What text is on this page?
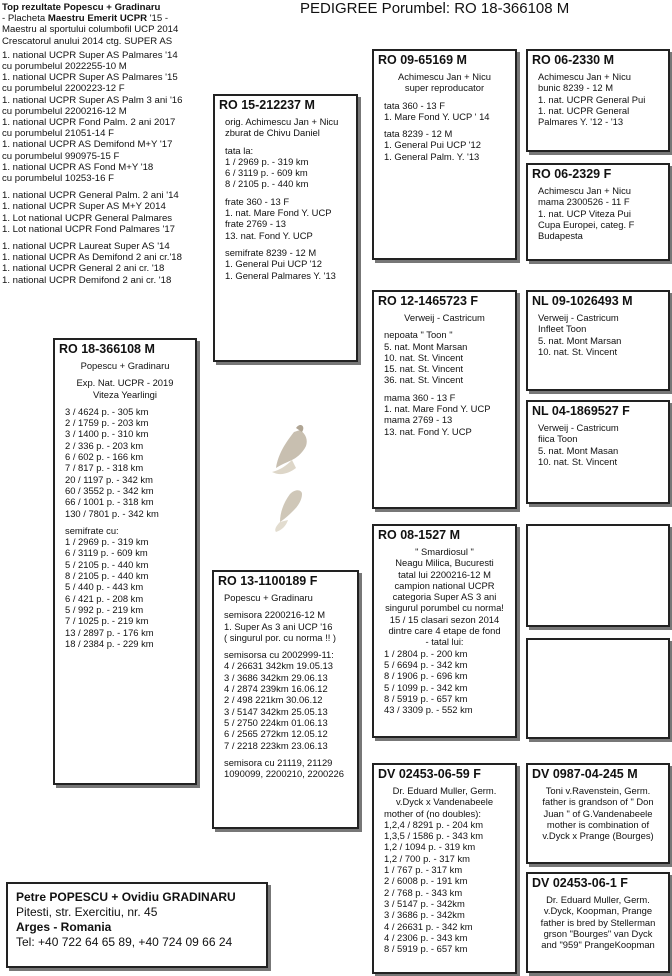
PEDIGREE Porumbel: RO 18-366108 M
Top rezultate Popescu + Gradinaru
- Placheta Maestru Emerit UCPR '15 -
Maestru al sportului columbofil UCP 2014
Crescatorul anului 2014 ctg. SUPER AS
1. national UCPR Super AS Palmares '14
cu porumbelul 2022255-10 M
1. national UCPR Super AS Palmares '15
cu porumbelul 2200223-12 F
1. national UCPR Super AS Palm 3 ani '16
cu porumbelul 2200216-12 M
1. national UCPR Fond Palm. 2 ani 2017
cu porumbelul 21051-14 F
1. national UCPR AS Demifond M+Y '17
cu porumbelul 990975-15 F
1. national UCPR AS Fond M+Y '18
cu porumbelul 10253-16 F
1. national UCPR General Palm. 2 ani '14
1. national UCPR Super AS M+Y 2014
1. Lot national UCPR General Palmares
1. Lot national UCPR Fond Palmares '17
1. national UCPR Laureat Super AS '14
1. national UCPR As Demifond 2 ani cr.'18
1. national UCPR General 2 ani cr. '18
1. national UCPR Demifond 2 ani cr. '18
RO 18-366108 M
Popescu + Gradinaru
Exp. Nat. UCPR - 2019
Viteza Yearlingi
3 / 4624 p. - 305 km
2 / 1759 p. - 203 km
3 / 1400 p. - 310 km
2 / 336 p. - 203 km
6 / 602 p. - 166 km
7 / 817 p. - 318 km
20 / 1197 p. - 342 km
60 / 3552 p. - 342 km
66 / 1001 p. - 318 km
130 / 7801 p. - 342 km
semifrate cu:
1 / 2969 p. - 319 km
6 / 3119 p. - 609 km
5 / 2105 p. - 440 km
8 / 2105 p. - 440 km
5 / 440 p. - 443 km
6 / 421 p. - 208 km
5 / 992 p. - 219 km
7 / 1025 p. - 219 km
13 / 2897 p. - 176 km
18 / 2384 p. - 229 km
RO 15-212237 M
orig. Achimescu Jan + Nicu
zburat de Chivu Daniel
tata la:
1 / 2969 p. - 319 km
6 / 3119 p. - 609 km
8 / 2105 p. - 440 km
frate 360 - 13 F
1. nat. Mare Fond Y. UCP
frate 2769 - 13
13. nat. Fond Y. UCP
semifrate 8239 - 12 M
1. General Pui UCP '12
1. General Palmares Y. '13
RO 13-1100189 F
Popescu + Gradinaru
semisora 2200216-12 M
1. Super As 3 ani UCP '16
( singurul por. cu norma !! )
semisorsa cu 2002999-11:
4 / 26631 342km 19.05.13
3 / 3686 342km 29.06.13
4 / 2874 239km 16.06.12
2 / 498 221km 30.06.12
3 / 5147 342km 25.05.13
5 / 2750 224km 01.06.13
6 / 2565 272km 12.05.12
7 / 2218 223km 23.06.13
semisora cu 21119, 21129
1090099, 2200210, 2200226
RO 09-65169 M
Achimescu Jan + Nicu
super reproducator
tata 360 - 13 F
1. Mare Fond Y. UCP ' 14
tata 8239 - 12 M
1. General Pui UCP '12
1. General Palm. Y. '13
RO 12-1465723 F
Verweij - Castricum
nepoata " Toon "
5. nat. Mont Marsan
10. nat. St. Vincent
15. nat. St. Vincent
36. nat. St. Vincent
mama 360 - 13 F
1. nat. Mare Fond Y. UCP
mama 2769 - 13
13. nat. Fond Y. UCP
RO 08-1527 M
" Smardiosul "
Neagu Milica, Bucuresti
tatal lui 2200216-12 M
campion national UCPR
categoria Super AS 3 ani
singurul porumbel cu norma!
15 / 15 clasari sezon 2014
dintre care 4 etape de fond
- tatal lui:
1 / 2804 p. - 200 km
5 / 6694 p. - 342 km
8 / 1906 p. - 696 km
5 / 1099 p. - 342 km
8 / 5919 p. - 657 km
43 / 3309 p. - 552 km
DV 02453-06-59 F
Dr. Eduard Muller, Germ.
v.Dyck x Vandenabeele
mother of (no doubles):
1,2,4 / 8291 p. - 204 km
1,3,5 / 1586 p. - 343 km
1,2 / 1094 p. - 319 km
1,2 / 700 p. - 317 km
1 / 767 p. - 317 km
2 / 6008 p. - 191 km
2 / 768 p. - 343 km
3 / 5147 p. - 342km
3 / 3686 p. - 342km
4 / 26631 p. - 342 km
4 / 2306 p. - 343 km
8 / 5919 p. - 657 km
RO 06-2330 M
Achimescu Jan + Nicu
bunic 8239 - 12 M
1. nat. UCPR General Pui
1. nat. UCPR General
Palmares Y. '12 - '13
RO 06-2329 F
Achimescu Jan + Nicu
mama 2300526 - 11 F
1. nat. UCP Viteza Pui
Cupa Europei, categ. F
Budapesta
NL 09-1026493 M
Verweij - Castricum
Infleet Toon
5. nat. Mont Marsan
10. nat. St. Vincent
NL 04-1869527 F
Verweij - Castricum
fiica Toon
5. nat. Mont Masan
10. nat. St. Vincent
DV 0987-04-245 M
Toni v.Ravenstein, Germ.
father is grandson of " Don
Juan " of G.Vandenabeele
mother is combination of
v.Dyck x Prange (Bourges)
DV 02453-06-1 F
Dr. Eduard Muller, Germ.
v.Dyck, Koopman, Prange
father is bred by Stellerman
grson "Bourges" van Dyck
and "959" PrangeKoopman
Petre POPESCU + Ovidiu GRADINARU
Pitesti, str. Exercitiu, nr. 45
Arges - Romania
Tel: +40 722 64 65 89, +40 724 09 66 24
